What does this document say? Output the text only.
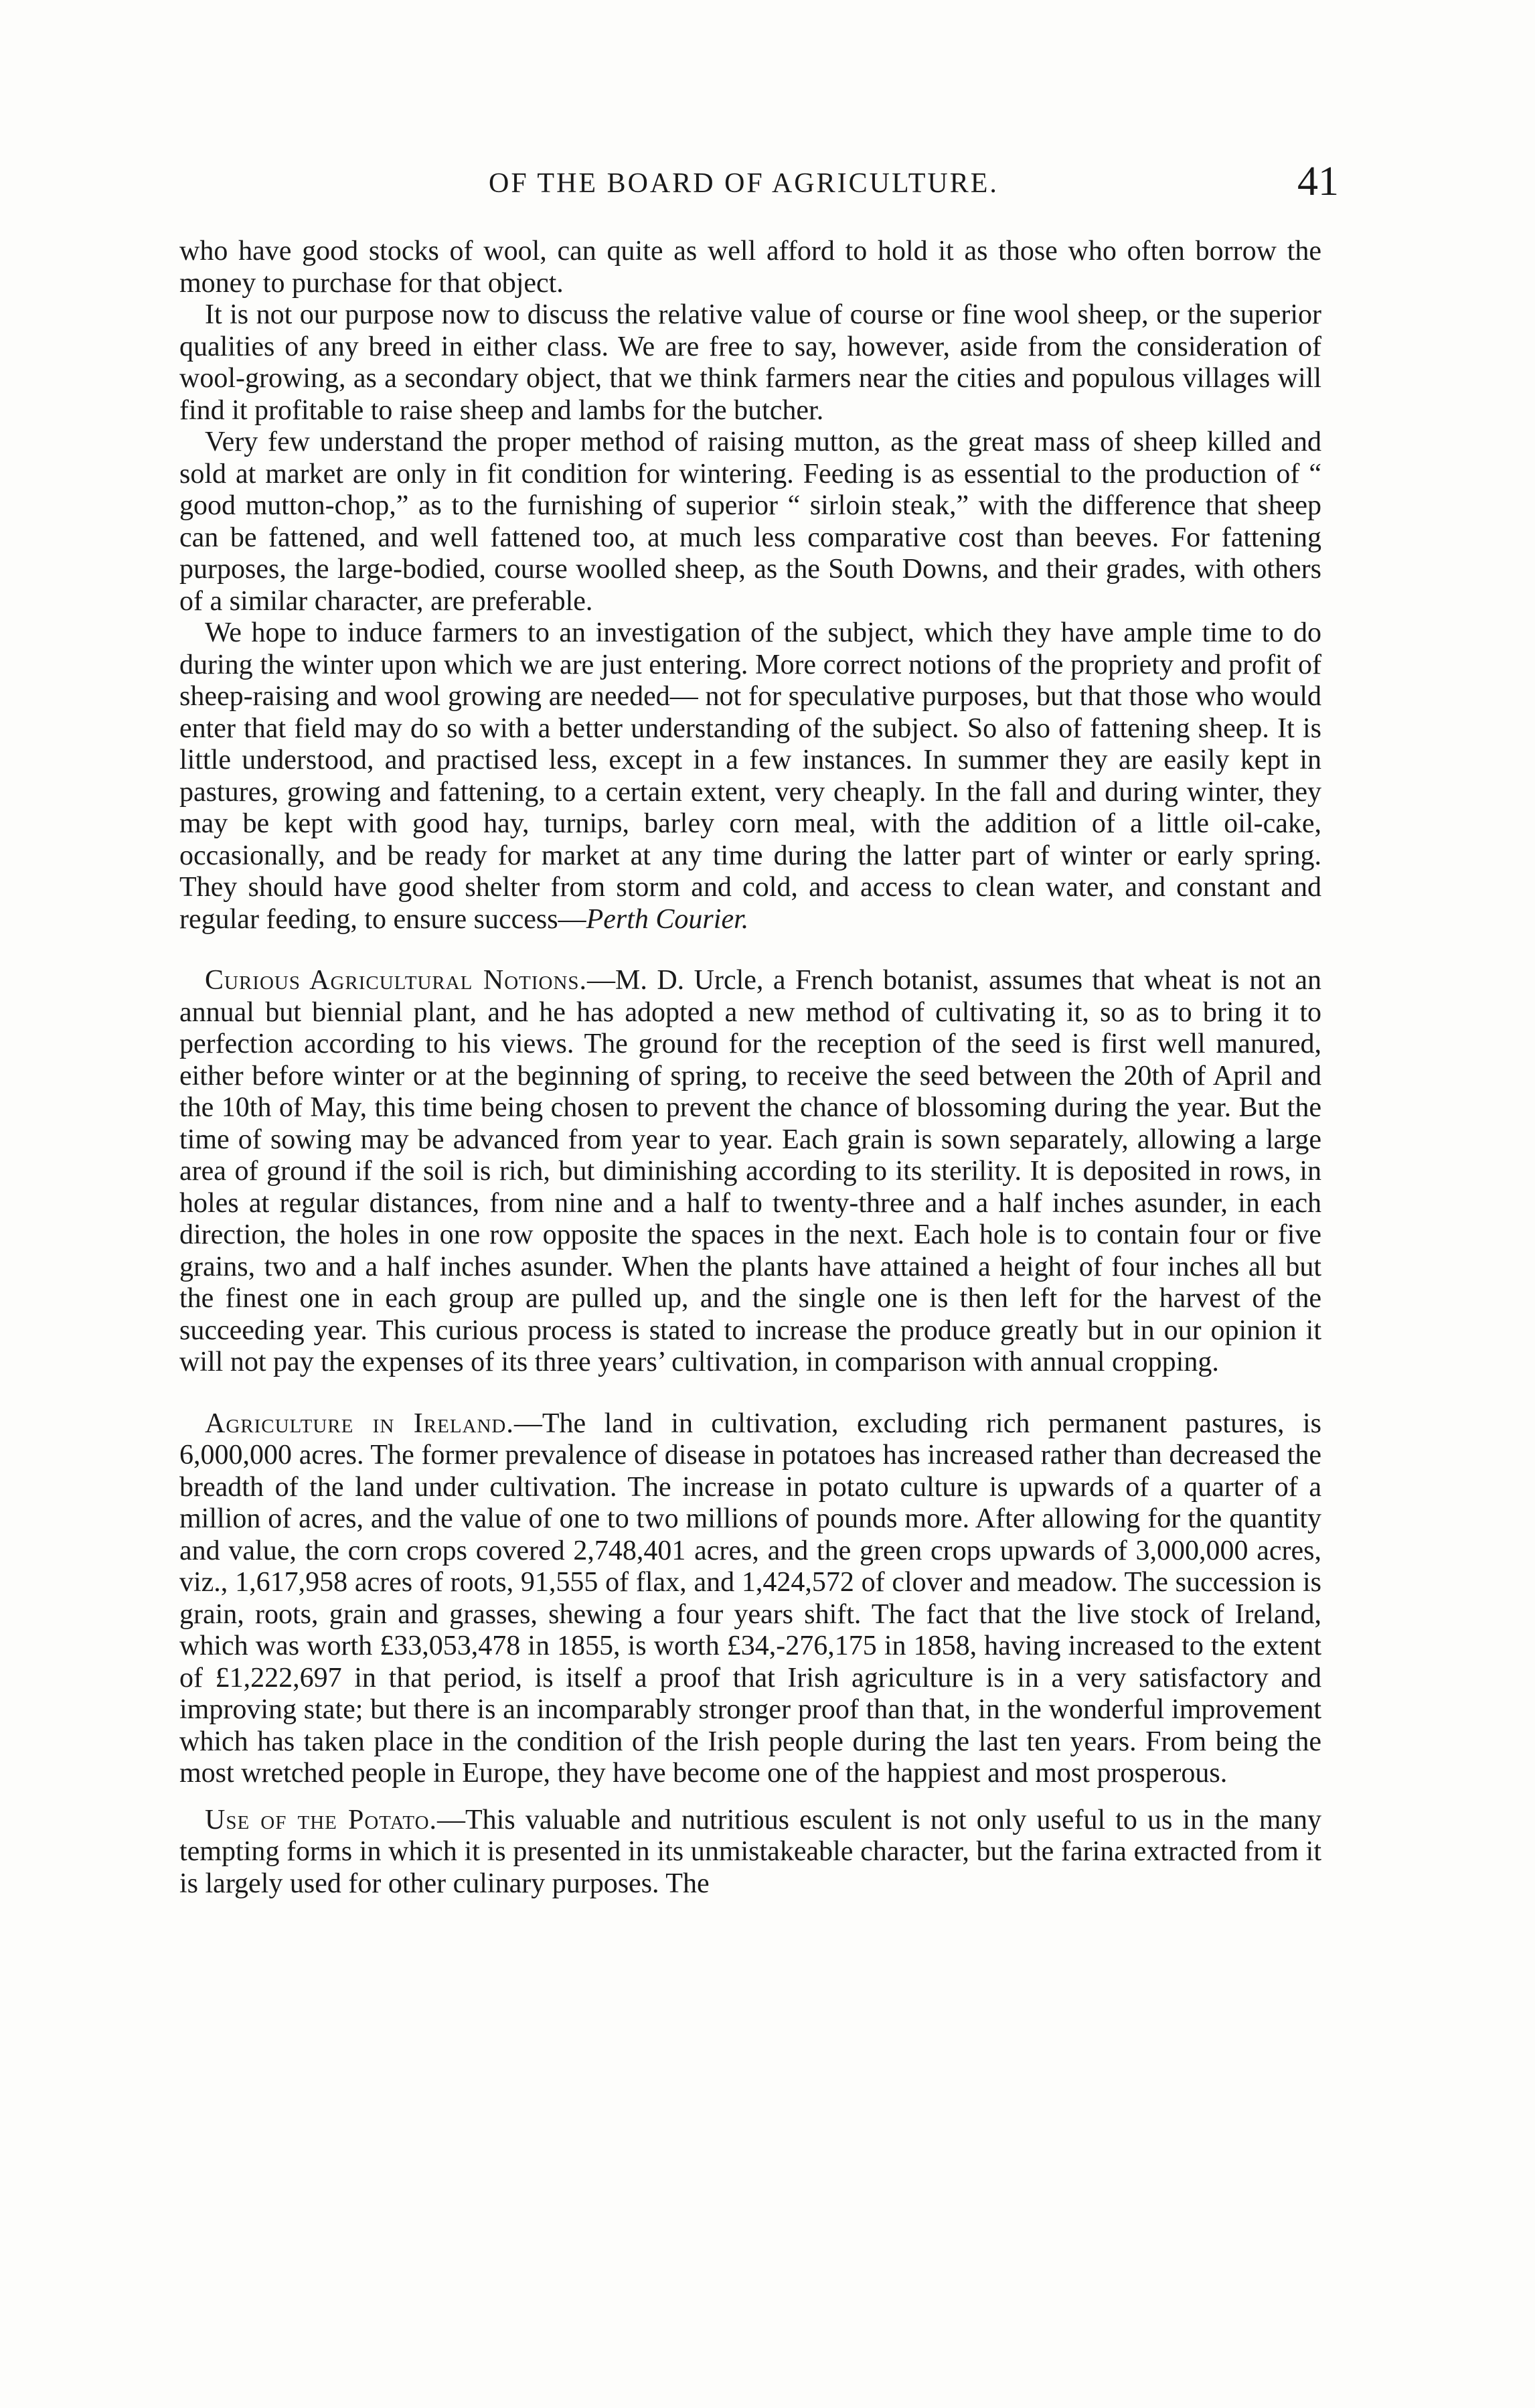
OF THE BOARD OF AGRICULTURE.	41

who have good stocks of wool, can quite as well afford to hold it as those who often borrow the money to purchase for that object.

It is not our purpose now to discuss the relative value of course or fine wool sheep, or the superior qualities of any breed in either class. We are free to say, however, aside from the consideration of wool-growing, as a secondary object, that we think farmers near the cities and populous villages will find it profitable to raise sheep and lambs for the butcher.

Very few understand the proper method of raising mutton, as the great mass of sheep killed and sold at market are only in fit condition for wintering. Feeding is as essential to the production of “ good mutton-chop,” as to the furnishing of superior “ sirloin steak,” with the difference that sheep can be fattened, and well fattened too, at much less comparative cost than beeves. For fattening purposes, the large-bodied, course woolled sheep, as the South Downs, and their grades, with others of a similar character, are preferable.

We hope to induce farmers to an investigation of the subject, which they have ample time to do during the winter upon which we are just entering. More correct notions of the propriety and profit of sheep-raising and wool growing are needed— not for speculative purposes, but that those who would enter that field may do so with a better understanding of the subject. So also of fattening sheep. It is little understood, and practised less, except in a few instances. In summer they are easily kept in pastures, growing and fattening, to a certain extent, very cheaply. In the fall and during winter, they may be kept with good hay, turnips, barley corn meal, with the addition of a little oil-cake, occasionally, and be ready for market at any time during the latter part of winter or early spring. They should have good shelter from storm and cold, and access to clean water, and constant and regular feeding, to ensure success—Perth Courier.

Curious Agricultural Notions.—M. D. Urcle, a French botanist, assumes that wheat is not an annual but biennial plant, and he has adopted a new method of cultivating it, so as to bring it to perfection according to his views. The ground for the reception of the seed is first well manured, either before winter or at the beginning of spring, to receive the seed between the 20th of April and the 10th of May, this time being chosen to prevent the chance of blossoming during the year. But the time of sowing may be advanced from year to year. Each grain is sown separately, allowing a large area of ground if the soil is rich, but diminishing according to its sterility. It is deposited in rows, in holes at regular distances, from nine and a half to twenty-three and a half inches asunder, in each direction, the holes in one row opposite the spaces in the next. Each hole is to contain four or five grains, two and a half inches asunder. When the plants have attained a height of four inches all but the finest one in each group are pulled up, and the single one is then left for the harvest of the succeeding year. This curious process is stated to increase the produce greatly but in our opinion it will not pay the expenses of its three years’ cultivation, in comparison with annual cropping.

Agriculture in Ireland.—The land in cultivation, excluding rich permanent pastures, is 6,000,000 acres. The former prevalence of disease in potatoes has increased rather than decreased the breadth of the land under cultivation. The increase in potato culture is upwards of a quarter of a million of acres, and the value of one to two millions of pounds more. After allowing for the quantity and value, the corn crops covered 2,748,401 acres, and the green crops upwards of 3,000,000 acres, viz., 1,617,958 acres of roots, 91,555 of flax, and 1,424,572 of clover and meadow. The succession is grain, roots, grain and grasses, shewing a four years shift. The fact that the live stock of Ireland, which was worth £33,053,478 in 1855, is worth £34,-276,175 in 1858, having increased to the extent of £1,222,697 in that period, is itself a proof that Irish agriculture is in a very satisfactory and improving state; but there is an incomparably stronger proof than that, in the wonderful improvement which has taken place in the condition of the Irish people during the last ten years. From being the most wretched people in Europe, they have become one of the happiest and most prosperous.

Use of the Potato.—This valuable and nutritious esculent is not only useful to us in the many tempting forms in which it is presented in its unmistakeable character, but the farina extracted from it is largely used for other culinary purposes. The
